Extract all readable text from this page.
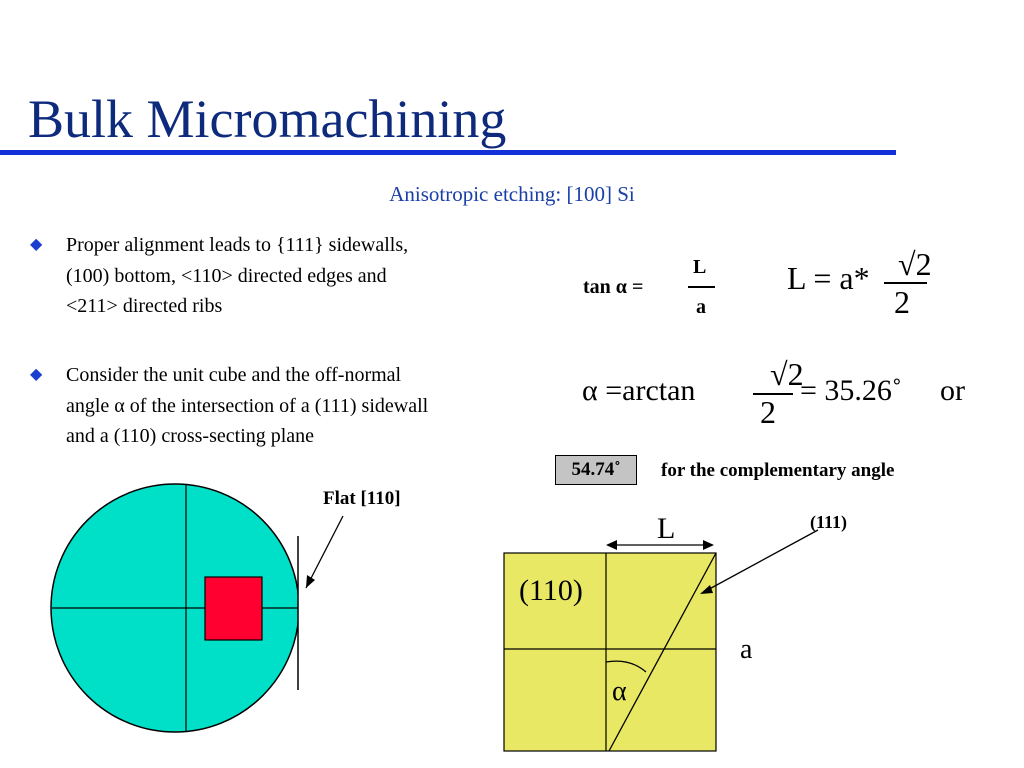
Bulk Micromachining
Anisotropic etching: [100] Si
◆ Proper alignment leads to {111} sidewalls, (100) bottom, <110> directed edges and <211> directed ribs
◆ Consider the unit cube and the off-normal angle α of the intersection of a (111) sidewall and a (110) cross-secting plane
Flat [110]
tan α =
L
a
L = a* √2
2
α =arctan √2
2
= 35.26˚ or
54.74˚	for the complementary angle
L	(111)
(110)
a
α
